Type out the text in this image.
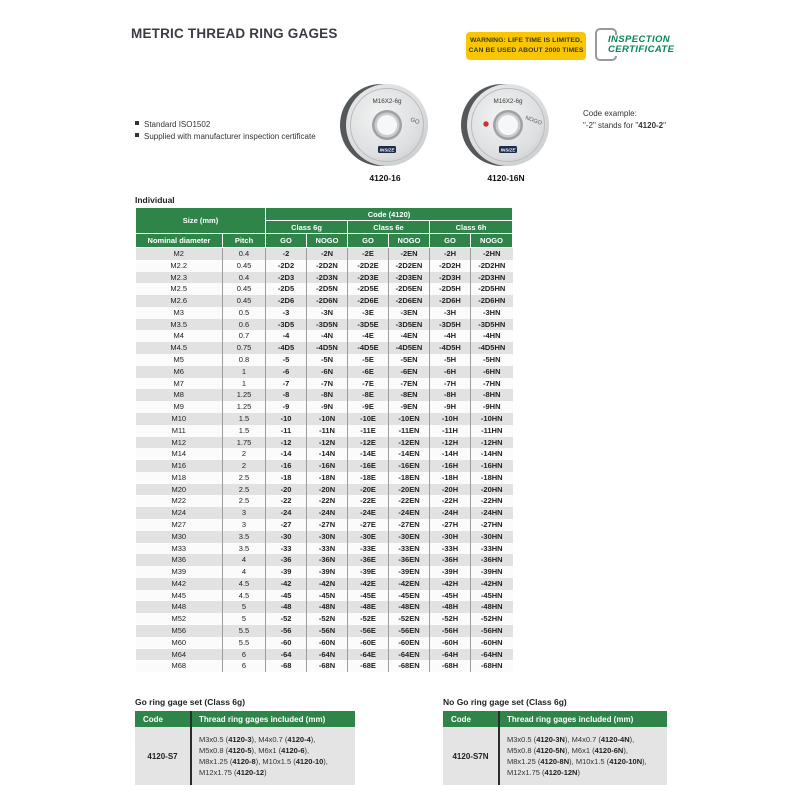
METRIC THREAD RING GAGES	WARNING: LIFE TIME IS LIMITED,
CAN BE USED ABOUT 2000 TIMES
INSPECTION
CERTIFICATE
Standard ISO1502
Supplied with manufacturer inspection certificate
M16X2-6g
GO
INSIZE
4120-16
M16X2-6g
NOGO
INSIZE
4120-16N
Code example:
"-2" stands for "4120-2"
Individual
Size (mm)		Code (4120)					
		Class 6g		Class 6e		Class 6h	
Nominal diameter	Pitch	GO	NOGO	GO	NOGO	GO	NOGO
M2	0.4	-2	-2N	-2E	-2EN	-2H	-2HN
M2.2	0.45	-2D2	-2D2N	-2D2E	-2D2EN	-2D2H	-2D2HN
M2.3	0.4	-2D3	-2D3N	-2D3E	-2D3EN	-2D3H	-2D3HN
M2.5	0.45	-2D5	-2D5N	-2D5E	-2D5EN	-2D5H	-2D5HN
M2.6	0.45	-2D6	-2D6N	-2D6E	-2D6EN	-2D6H	-2D6HN
M3	0.5	-3	-3N	-3E	-3EN	-3H	-3HN
M3.5	0.6	-3D5	-3D5N	-3D5E	-3D5EN	-3D5H	-3D5HN
M4	0.7	-4	-4N	-4E	-4EN	-4H	-4HN
M4.5	0.75	-4D5	-4D5N	-4D5E	-4D5EN	-4D5H	-4D5HN
M5	0.8	-5	-5N	-5E	-5EN	-5H	-5HN
M6	1	-6	-6N	-6E	-6EN	-6H	-6HN
M7	1	-7	-7N	-7E	-7EN	-7H	-7HN
M8	1.25	-8	-8N	-8E	-8EN	-8H	-8HN
M9	1.25	-9	-9N	-9E	-9EN	-9H	-9HN
M10	1.5	-10	-10N	-10E	-10EN	-10H	-10HN
M11	1.5	-11	-11N	-11E	-11EN	-11H	-11HN
M12	1.75	-12	-12N	-12E	-12EN	-12H	-12HN
M14	2	-14	-14N	-14E	-14EN	-14H	-14HN
M16	2	-16	-16N	-16E	-16EN	-16H	-16HN
M18	2.5	-18	-18N	-18E	-18EN	-18H	-18HN
M20	2.5	-20	-20N	-20E	-20EN	-20H	-20HN
M22	2.5	-22	-22N	-22E	-22EN	-22H	-22HN
M24	3	-24	-24N	-24E	-24EN	-24H	-24HN
M27	3	-27	-27N	-27E	-27EN	-27H	-27HN
M30	3.5	-30	-30N	-30E	-30EN	-30H	-30HN
M33	3.5	-33	-33N	-33E	-33EN	-33H	-33HN
M36	4	-36	-36N	-36E	-36EN	-36H	-36HN
M39	4	-39	-39N	-39E	-39EN	-39H	-39HN
M42	4.5	-42	-42N	-42E	-42EN	-42H	-42HN
M45	4.5	-45	-45N	-45E	-45EN	-45H	-45HN
M48	5	-48	-48N	-48E	-48EN	-48H	-48HN
M52	5	-52	-52N	-52E	-52EN	-52H	-52HN
M56	5.5	-56	-56N	-56E	-56EN	-56H	-56HN
M60	5.5	-60	-60N	-60E	-60EN	-60H	-60HN
M64	6	-64	-64N	-64E	-64EN	-64H	-64HN
M68	6	-68	-68N	-68E	-68EN	-68H	-68HN
Go ring gage set (Class 6g)
Code	Thread ring gages included (mm)
4120-S7
M3x0.5 (4120-3), M4x0.7 (4120-4),
M5x0.8 (4120-5), M6x1 (4120-6),
M8x1.25 (4120-8), M10x1.5 (4120-10),
M12x1.75 (4120-12)
No Go ring gage set (Class 6g)
Code	Thread ring gages included (mm)
4120-S7N
M3x0.5 (4120-3N), M4x0.7 (4120-4N),
M5x0.8 (4120-5N), M6x1 (4120-6N),
M8x1.25 (4120-8N), M10x1.5 (4120-10N),
M12x1.75 (4120-12N)
